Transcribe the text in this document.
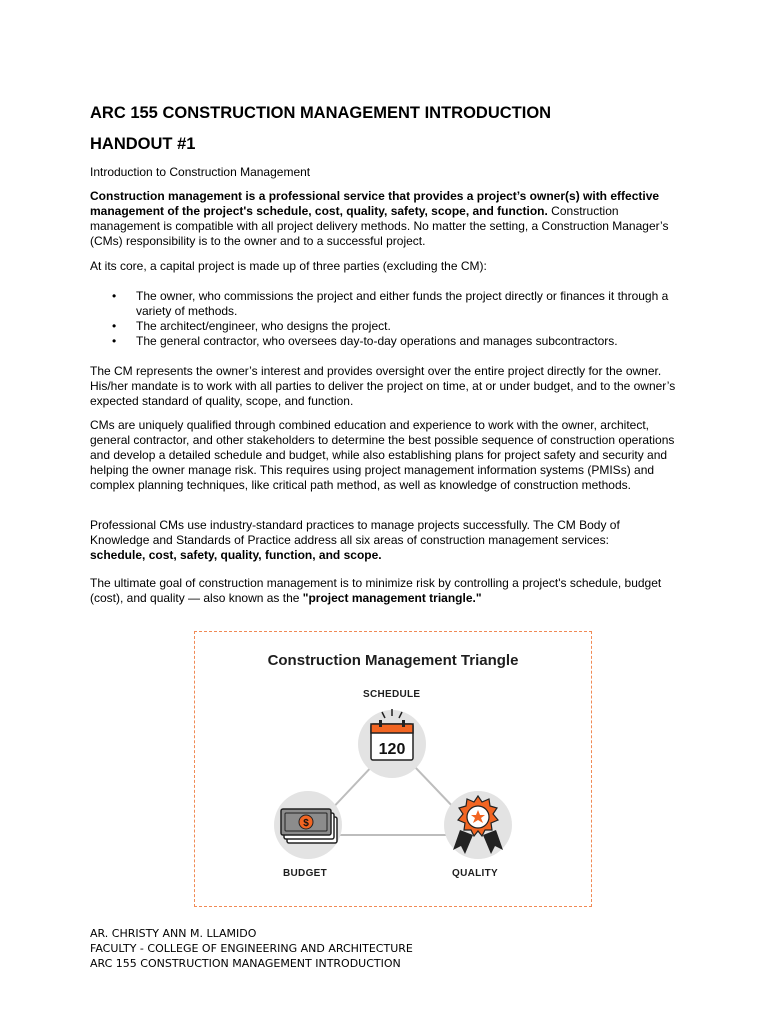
ARC 155 CONSTRUCTION MANAGEMENT INTRODUCTION
HANDOUT #1

Introduction to Construction Management

Construction management is a professional service that provides a project’s owner(s) with effective management of the project's schedule, cost, quality, safety, scope, and function. Construction management is compatible with all project delivery methods. No matter the setting, a Construction Manager’s (CMs) responsibility is to the owner and to a successful project.

At its core, a capital project is made up of three parties (excluding the CM):

• The owner, who commissions the project and either funds the project directly or finances it through a variety of methods.
• The architect/engineer, who designs the project.
• The general contractor, who oversees day-to-day operations and manages subcontractors.

The CM represents the owner’s interest and provides oversight over the entire project directly for the owner. His/her mandate is to work with all parties to deliver the project on time, at or under budget, and to the owner’s expected standard of quality, scope, and function.

CMs are uniquely qualified through combined education and experience to work with the owner, architect, general contractor, and other stakeholders to determine the best possible sequence of construction operations and develop a detailed schedule and budget, while also establishing plans for project safety and security and helping the owner manage risk. This requires using project management information systems (PMISs) and complex planning techniques, like critical path method, as well as knowledge of construction methods.

Professional CMs use industry-standard practices to manage projects successfully. The CM Body of Knowledge and Standards of Practice address all six areas of construction management services:
schedule, cost, safety, quality, function, and scope.

The ultimate goal of construction management is to minimize risk by controlling a project's schedule, budget (cost), and quality — also known as the "project management triangle."

120
$
Construction Management Triangle
SCHEDULE
BUDGET	QUALITY
AR. CHRISTY ANN M. LLAMIDO
FACULTY - COLLEGE OF ENGINEERING AND ARCHITECTURE
ARC 155 CONSTRUCTION MANAGEMENT INTRODUCTION
